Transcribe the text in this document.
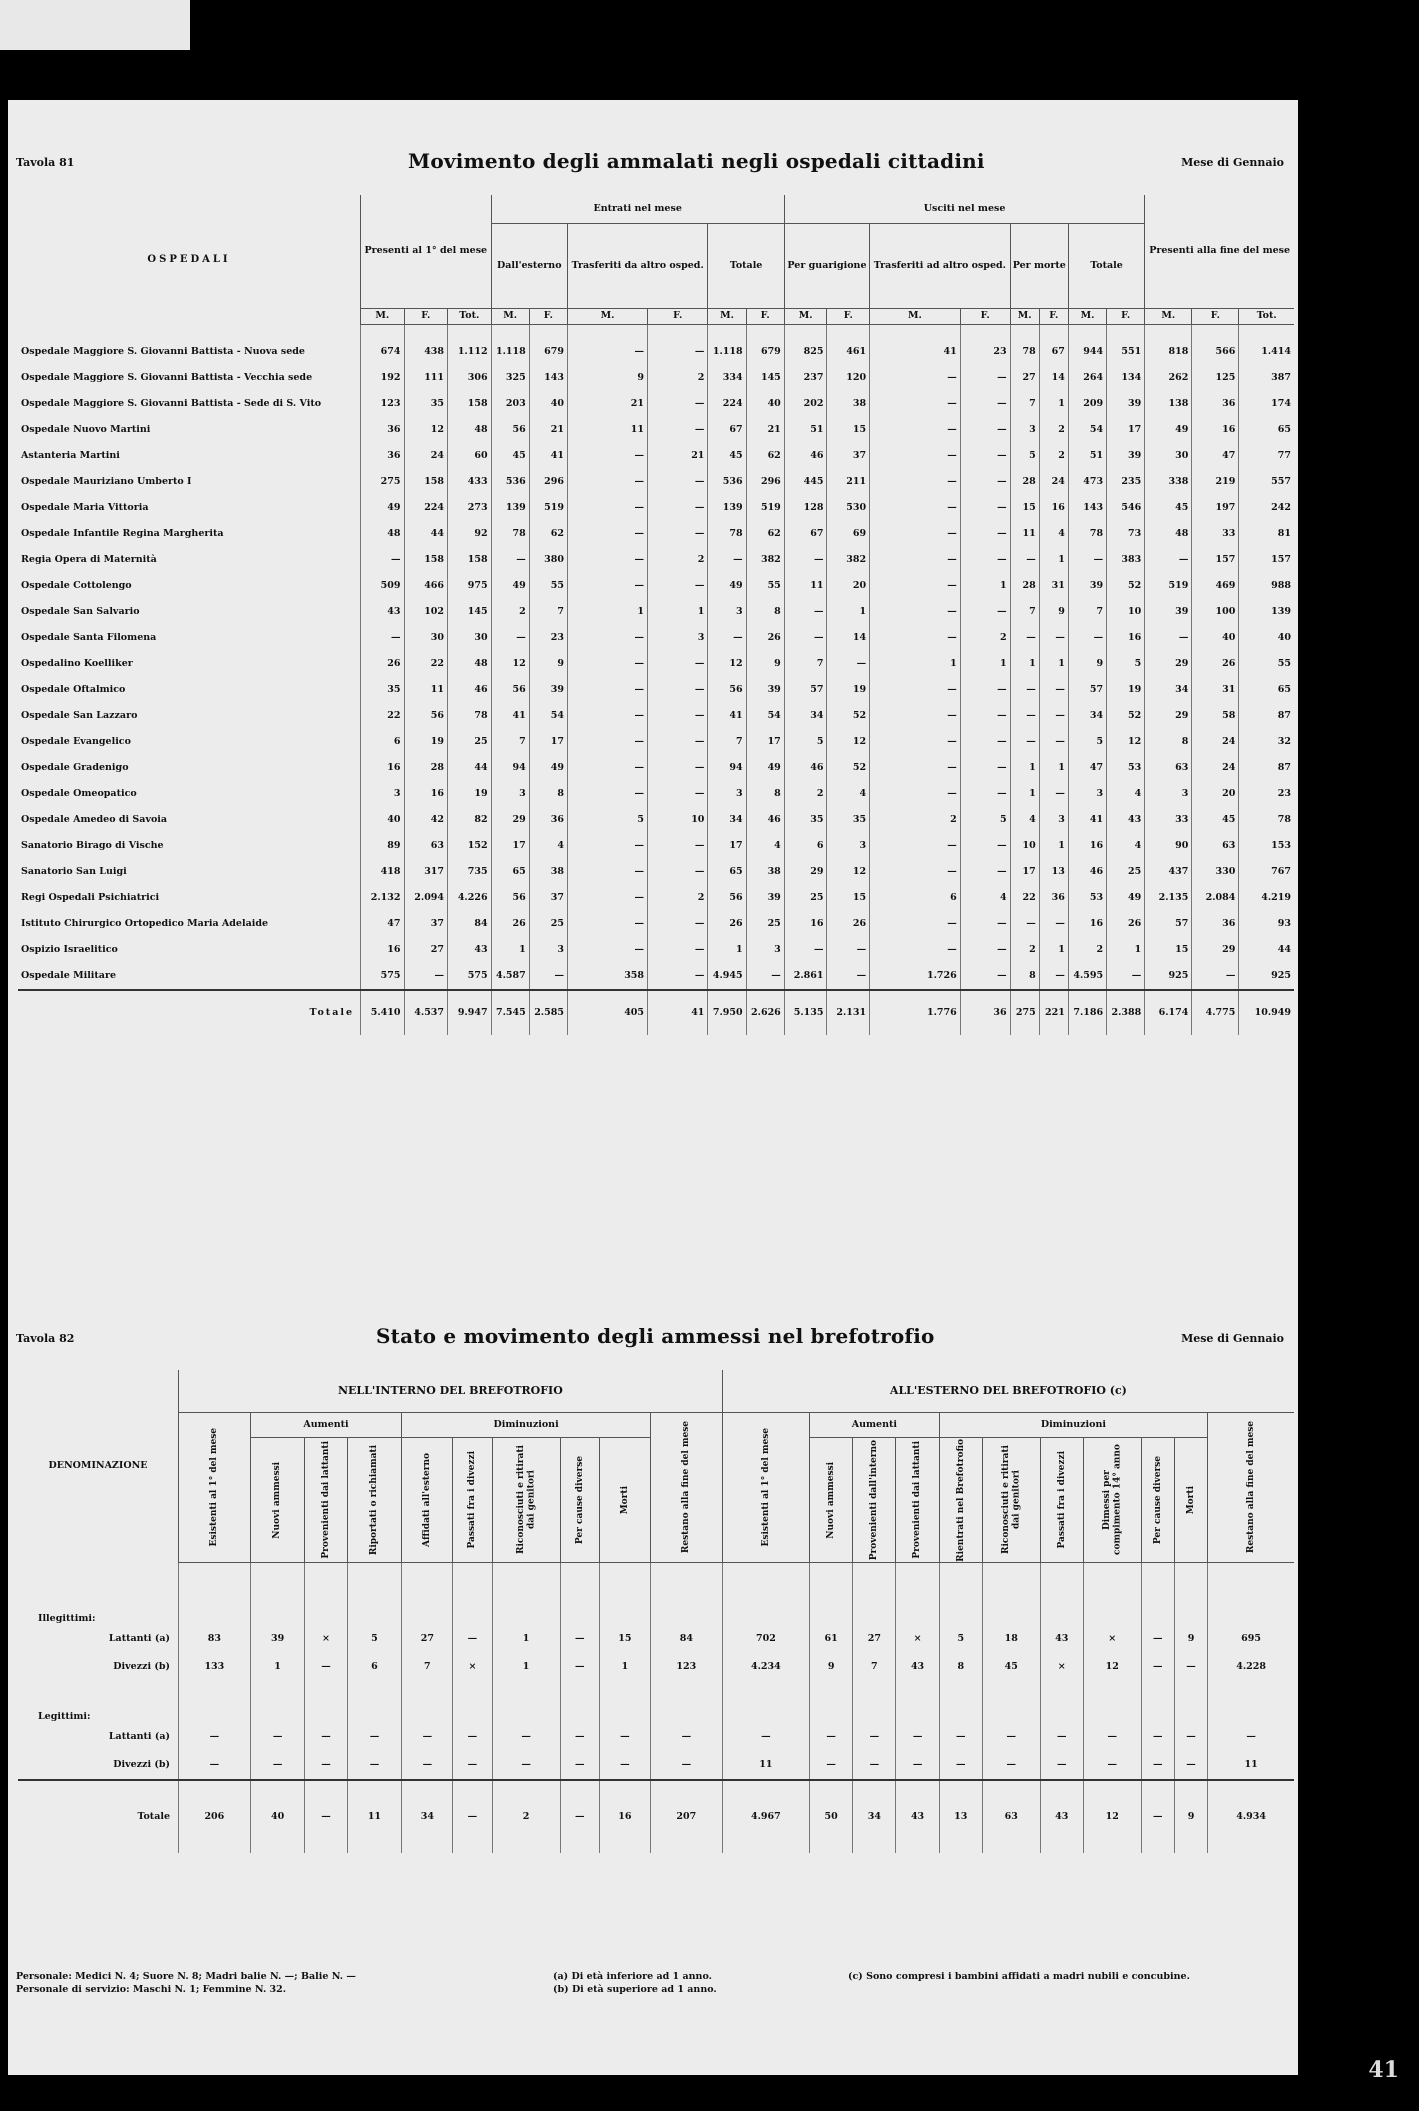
Tavola 81	Movimento degli ammalati negli ospedali cittadini	Mese di Gennaio
OSPEDALI	Presenti al 1° del mese			Entrati nel mese						Usciti nel mese								Presenti alla fine del mese		
				Dall'esterno		Trasferiti da altro osped.		Totale		Per guarigione		Trasferiti ad altro osped.		Per morte		Totale				
	M.	F.	Tot.	M.	F.	M.	F.	M.	F.	M.	F.	M.	F.	M.	F.	M.	F.	M.	F.	Tot.

Ospedale Maggiore S. Giovanni Battista - Nuova sede	674	438	1.112	1.118	679	—	—	1.118	679	825	461	41	23	78	67	944	551	818	566	1.414
Ospedale Maggiore S. Giovanni Battista - Vecchia sede	192	111	306	325	143	9	2	334	145	237	120	—	—	27	14	264	134	262	125	387
Ospedale Maggiore S. Giovanni Battista - Sede di S. Vito	123	35	158	203	40	21	—	224	40	202	38	—	—	7	1	209	39	138	36	174
Ospedale Nuovo Martini	36	12	48	56	21	11	—	67	21	51	15	—	—	3	2	54	17	49	16	65
Astanteria Martini	36	24	60	45	41	—	21	45	62	46	37	—	—	5	2	51	39	30	47	77
Ospedale Mauriziano Umberto I	275	158	433	536	296	—	—	536	296	445	211	—	—	28	24	473	235	338	219	557
Ospedale Maria Vittoria	49	224	273	139	519	—	—	139	519	128	530	—	—	15	16	143	546	45	197	242
Ospedale Infantile Regina Margherita	48	44	92	78	62	—	—	78	62	67	69	—	—	11	4	78	73	48	33	81
Regia Opera di Maternità	—	158	158	—	380	—	2	—	382	—	382	—	—	—	1	—	383	—	157	157
Ospedale Cottolengo	509	466	975	49	55	—	—	49	55	11	20	—	1	28	31	39	52	519	469	988
Ospedale San Salvario	43	102	145	2	7	1	1	3	8	—	1	—	—	7	9	7	10	39	100	139
Ospedale Santa Filomena	—	30	30	—	23	—	3	—	26	—	14	—	2	—	—	—	16	—	40	40
Ospedalino Koelliker	26	22	48	12	9	—	—	12	9	7	—	1	1	1	1	9	5	29	26	55
Ospedale Oftalmico	35	11	46	56	39	—	—	56	39	57	19	—	—	—	—	57	19	34	31	65
Ospedale San Lazzaro	22	56	78	41	54	—	—	41	54	34	52	—	—	—	—	34	52	29	58	87
Ospedale Evangelico	6	19	25	7	17	—	—	7	17	5	12	—	—	—	—	5	12	8	24	32
Ospedale Gradenigo	16	28	44	94	49	—	—	94	49	46	52	—	—	1	1	47	53	63	24	87
Ospedale Omeopatico	3	16	19	3	8	—	—	3	8	2	4	—	—	1	—	3	4	3	20	23
Ospedale Amedeo di Savoia	40	42	82	29	36	5	10	34	46	35	35	2	5	4	3	41	43	33	45	78
Sanatorio Birago di Vische	89	63	152	17	4	—	—	17	4	6	3	—	—	10	1	16	4	90	63	153
Sanatorio San Luigi	418	317	735	65	38	—	—	65	38	29	12	—	—	17	13	46	25	437	330	767
Regi Ospedali Psichiatrici	2.132	2.094	4.226	56	37	—	2	56	39	25	15	6	4	22	36	53	49	2.135	2.084	4.219
Istituto Chirurgico Ortopedico Maria Adelaide	47	37	84	26	25	—	—	26	25	16	26	—	—	—	—	16	26	57	36	93
Ospizio Israelitico	16	27	43	1	3	—	—	1	3	—	—	—	—	2	1	2	1	15	29	44
Ospedale Militare	575	—	575	4.587	—	358	—	4.945	—	2.861	—	1.726	—	8	—	4.595	—	925	—	925
Totale	5.410	4.537	9.947	7.545	2.585	405	41	7.950	2.626	5.135	2.131	1.776	36	275	221	7.186	2.388	6.174	4.775	10.949
Tavola 82	Stato e movimento degli ammessi nel brefotrofio	Mese di Gennaio
DENOMINAZIONE	NELL'INTERNO DEL BREFOTROFIO										ALL'ESTERNO DEL BREFOTROFIO (c)										

	Esistenti al 1° del mese	Aumenti			Diminuzioni					Restano alla fine del mese	Esistenti al 1° del mese	Aumenti			Diminuzioni						Restano alla fine del mese

		Nuovi ammessi	Provenienti dai lattanti	Riportati o richiamati	Affidati all'esterno	Passati fra i divezzi	Riconosciuti e ritirati dai genitori	Per cause diverse	Morti			Nuovi ammessi	Provenienti dall'interno	Provenienti dai lattanti	Rientrati nel Brefotrofio	Riconosciuti e ritirati dai genitori	Passati fra i divezzi	Dimessi per compimento 14° anno	Per cause diverse	Morti	

Illegittimi:																					
Lattanti (a)	83	39	×	5	27	—	1	—	15	84	702	61	27	×	5	18	43	×	—	9	695
Divezzi (b)	133	1	—	6	7	×	1	—	1	123	4.234	9	7	43	8	45	×	12	—	—	4.228
Legittimi:																					
Lattanti (a)	—	—	—	—	—	—	—	—	—	—	—	—	—	—	—	—	—	—	—	—	—
Divezzi (b)	—	—	—	—	—	—	—	—	—	—	11	—	—	—	—	—	—	—	—	—	11
Totale	206	40	—	11	34	—	2	—	16	207	4.967	50	34	43	13	63	43	12	—	9	4.934
Personale: Medici N. 4; Suore N. 8; Madri balie N. —; Balie N. —
Personale di servizio: Maschi N. 1; Femmine N. 32.
(a) Di età inferiore ad 1 anno.
(b) Di età superiore ad 1 anno.
(c) Sono compresi i bambini affidati a madri nubili e concubine.
41
